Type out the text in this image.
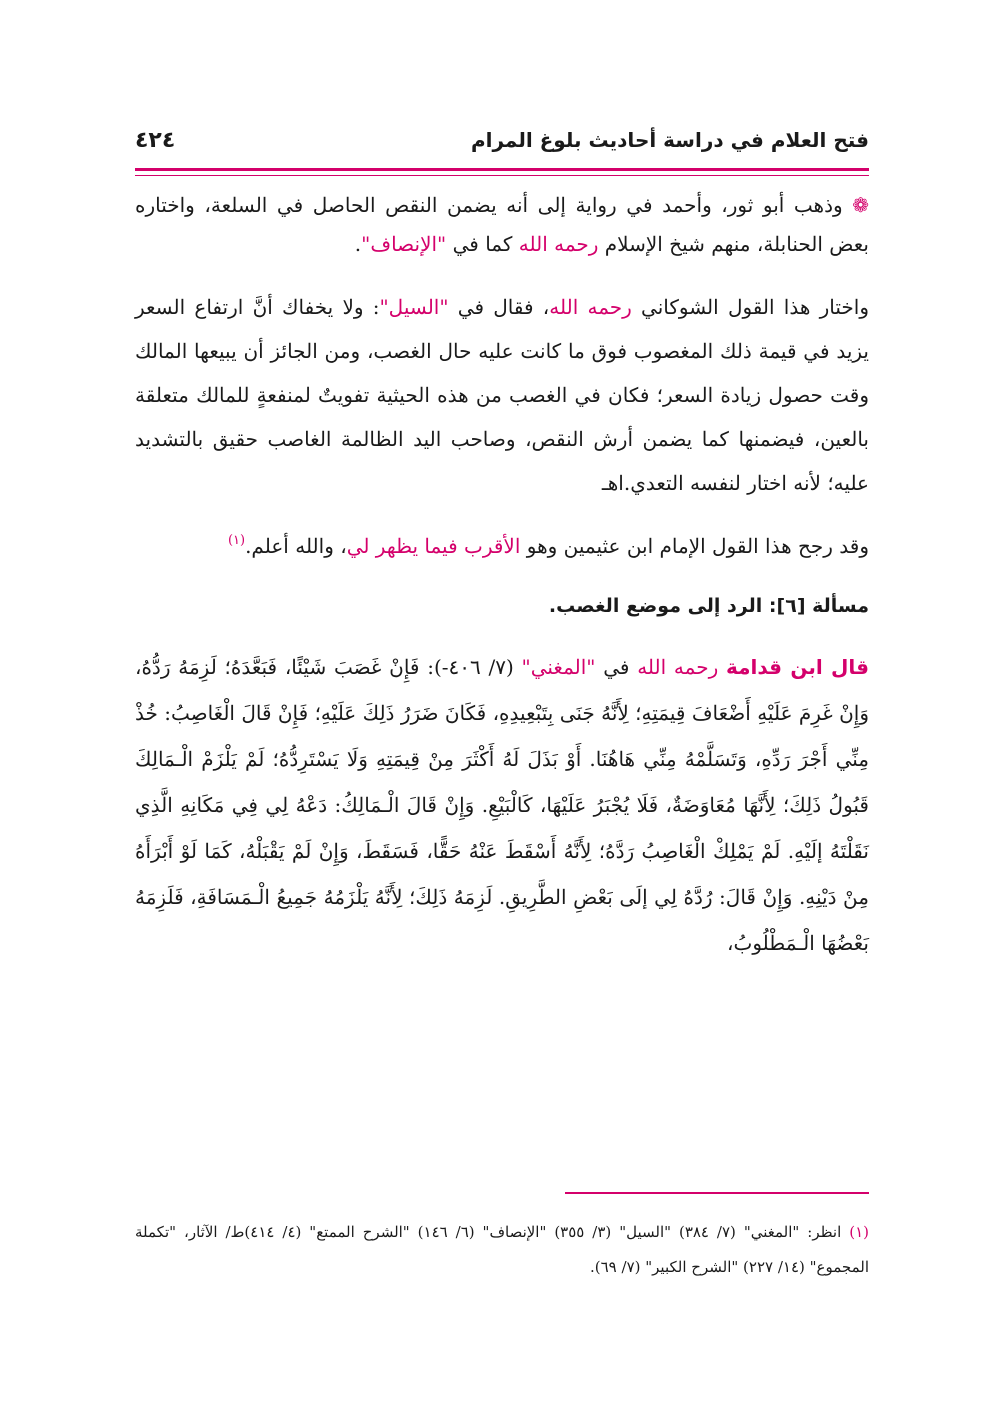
فتح العلام في دراسة أحاديث بلوغ المرام
٤٢٤

❁ وذهب أبو ثور، وأحمد في رواية إلى أنه يضمن النقص الحاصل في السلعة، واختاره بعض الحنابلة، منهم شيخ الإسلام رحمه الله كما في "الإنصاف".

واختار هذا القول الشوكاني رحمه الله، فقال في "السيل": ولا يخفاك أنَّ ارتفاع السعر يزيد في قيمة ذلك المغصوب فوق ما كانت عليه حال الغصب، ومن الجائز أن يبيعها المالك وقت حصول زيادة السعر؛ فكان في الغصب من هذه الحيثية تفويتٌ لمنفعةٍ للمالك متعلقة بالعين، فيضمنها كما يضمن أرش النقص، وصاحب اليد الظالمة الغاصب حقيق بالتشديد عليه؛ لأنه اختار لنفسه التعدي.اهـ

وقد رجح هذا القول الإمام ابن عثيمين وهو الأقرب فيما يظهر لي، والله أعلم.$^{(١)}$

مسألة [٦]: الرد إلى موضع الغصب.

قال ابن قدامة رحمه الله في "المغني" (٧/ ٤٠٦-): فَإِنْ غَصَبَ شَيْئًا، فَبَعَّدَهُ؛ لَزِمَهُ رَدُّهُ، وَإِنْ غَرِمَ عَلَيْهِ أَضْعَافَ قِيمَتِهِ؛ لِأَنَّهُ جَنَى بِتَبْعِيدِهِ، فَكَانَ ضَرَرُ ذَلِكَ عَلَيْهِ؛ فَإِنْ قَالَ الْغَاصِبُ: خُذْ مِنِّي أَجْرَ رَدِّهِ، وَتَسَلَّمْهُ مِنِّي هَاهُنَا. أَوْ بَذَلَ لَهُ أَكْثَرَ مِنْ قِيمَتِهِ وَلَا يَسْتَرِدُّهُ؛ لَمْ يَلْزَمْ الْـمَالِكَ قَبُولُ ذَلِكَ؛ لِأَنَّهَا مُعَاوَضَةٌ، فَلَا يُجْبَرُ عَلَيْهَا، كَالْبَيْعِ. وَإِنْ قَالَ الْـمَالِكُ: دَعْهُ لِي فِي مَكَانِهِ الَّذِي نَقَلْتَهُ إلَيْهِ. لَمْ يَمْلِكْ الْغَاصِبُ رَدَّهُ؛ لِأَنَّهُ أَسْقَطَ عَنْهُ حَقًّا، فَسَقَطَ، وَإِنْ لَمْ يَقْبَلْهُ، كَمَا لَوْ أَبْرَأَهُ مِنْ دَيْنِهِ. وَإِنْ قَالَ: رُدَّهُ لِي إلَى بَعْضِ الطَّرِيقِ. لَزِمَهُ ذَلِكَ؛ لِأَنَّهُ يَلْزَمُهُ جَمِيعُ الْـمَسَافَةِ، فَلَزِمَهُ بَعْضُهَا الْـمَطْلُوبُ،

(١) انظر: "المغني" (٧/ ٣٨٤) "السيل" (٣/ ٣٥٥) "الإنصاف" (٦/ ١٤٦) "الشرح الممتع" (٤/ ٤١٤)ط/ الآثار، "تكملة المجموع" (١٤/ ٢٢٧) "الشرح الكبير" (٧/ ٦٩).
